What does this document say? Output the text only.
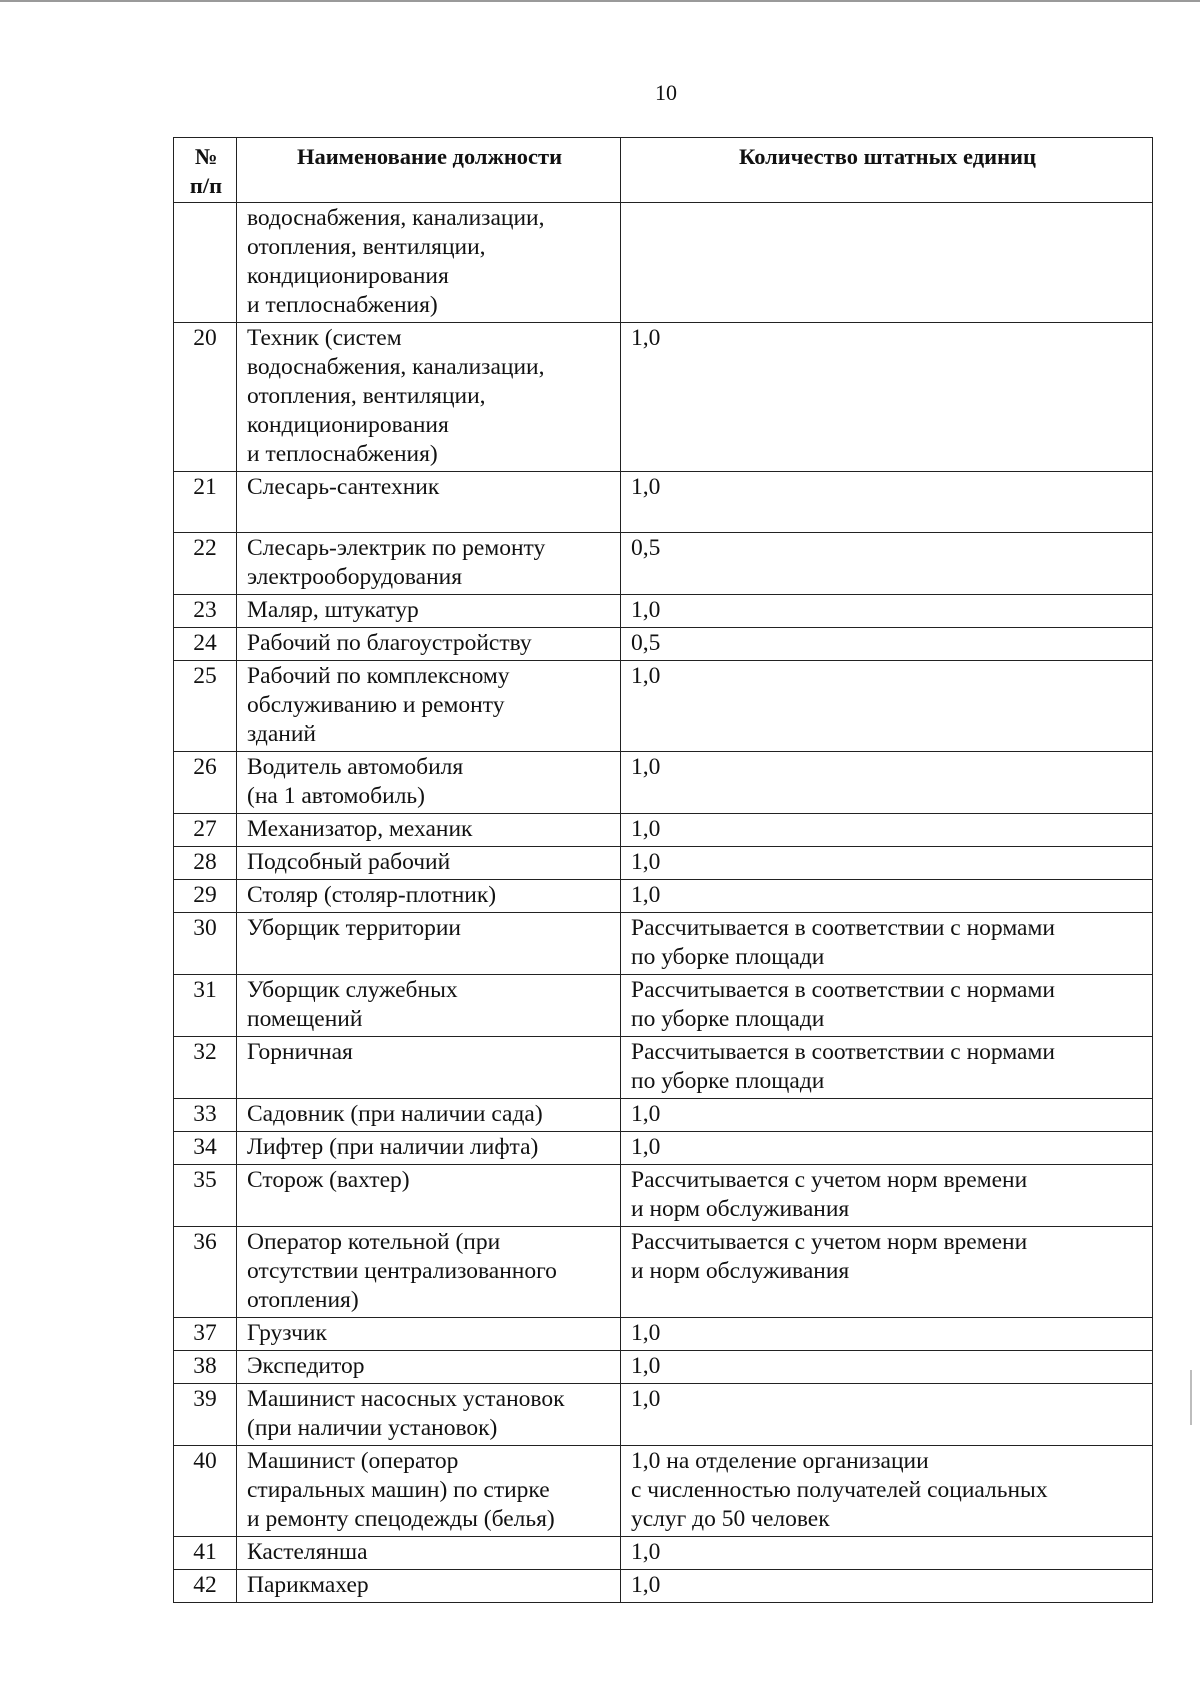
10
№
п/п	Наименование должности	Количество штатных единиц

	водоснабжения, канализации,
отопления, вентиляции,
кондиционирования
и теплоснабжения)	

20	Техник (систем
водоснабжения, канализации,
отопления, вентиляции,
кондиционирования
и теплоснабжения)	1,0

21	Слесарь-сантехник	1,0

22	Слесарь-электрик по ремонту
электрооборудования	0,5

23	Маляр, штукатур	1,0

24	Рабочий по благоустройству	0,5

25	Рабочий по комплексному
обслуживанию и ремонту
зданий	1,0

26	Водитель автомобиля
(на 1 автомобиль)	1,0

27	Механизатор, механик	1,0

28	Подсобный рабочий	1,0

29	Столяр (столяр-плотник)	1,0

30	Уборщик территории	Рассчитывается в соответствии с нормами
по уборке площади

31	Уборщик служебных
помещений	Рассчитывается в соответствии с нормами
по уборке площади

32	Горничная	Рассчитывается в соответствии с нормами
по уборке площади

33	Садовник (при наличии сада)	1,0

34	Лифтер (при наличии лифта)	1,0

35	Сторож (вахтер)	Рассчитывается с учетом норм времени
и норм обслуживания

36	Оператор котельной (при
отсутствии централизованного
отопления)	Рассчитывается с учетом норм времени
и норм обслуживания

37	Грузчик	1,0

38	Экспедитор	1,0

39	Машинист насосных установок
(при наличии установок)	1,0

40	Машинист (оператор
стиральных машин) по стирке
и ремонту спецодежды (белья)	1,0 на отделение организации
с численностью получателей социальных
услуг до 50 человек

41	Кастелянша	1,0

42	Парикмахер	1,0
